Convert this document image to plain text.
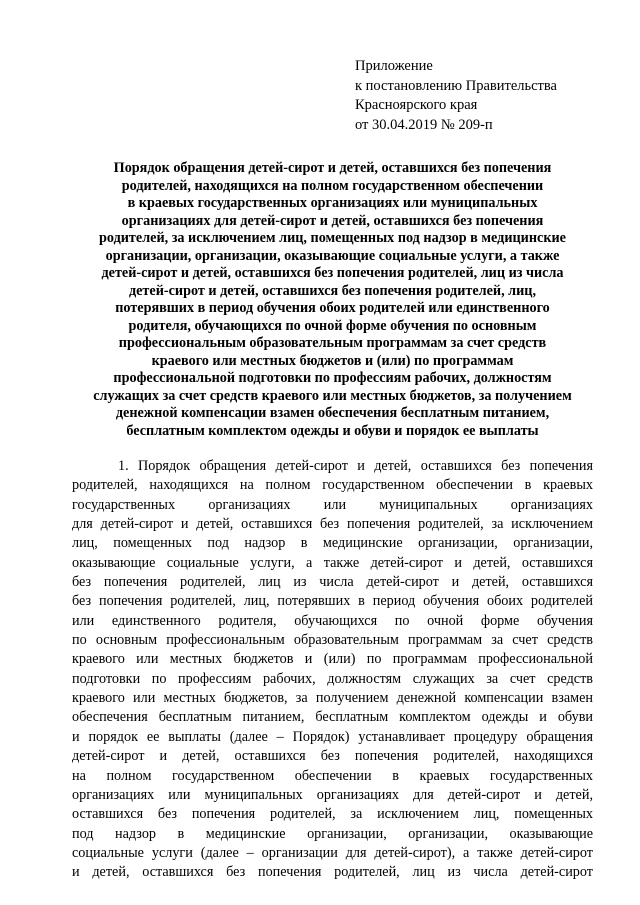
Приложение
к постановлению Правительства
Красноярского края
от 30.04.2019 № 209-п
Порядок обращения детей-сирот и детей, оставшихся без попечения
родителей, находящихся на полном государственном обеспечении
в краевых государственных организациях или муниципальных
организациях для детей-сирот и детей, оставшихся без попечения
родителей, за исключением лиц, помещенных под надзор в медицинские
организации, организации, оказывающие социальные услуги, а также
детей-сирот и детей, оставшихся без попечения родителей, лиц из числа
детей-сирот и детей, оставшихся без попечения родителей, лиц,
потерявших в период обучения обоих родителей или единственного
родителя, обучающихся по очной форме обучения по основным
профессиональным образовательным программам за счет средств
краевого или местных бюджетов и (или) по программам
профессиональной подготовки по профессиям рабочих, должностям
служащих за счет средств краевого или местных бюджетов, за получением
денежной компенсации взамен обеспечения бесплатным питанием,
бесплатным комплектом одежды и обуви и порядок ее выплаты
1. Порядок обращения детей-сирот и детей, оставшихся без попечения
родителей, находящихся на полном государственном обеспечении в краевых
государственных организациях или муниципальных организациях
для детей-сирот и детей, оставшихся без попечения родителей, за исключением
лиц, помещенных под надзор в медицинские организации, организации,
оказывающие социальные услуги, а также детей-сирот и детей, оставшихся
без попечения родителей, лиц из числа детей-сирот и детей, оставшихся
без попечения родителей, лиц, потерявших в период обучения обоих родителей
или единственного родителя, обучающихся по очной форме обучения
по основным профессиональным образовательным программам за счет средств
краевого или местных бюджетов и (или) по программам профессиональной
подготовки по профессиям рабочих, должностям служащих за счет средств
краевого или местных бюджетов, за получением денежной компенсации взамен
обеспечения бесплатным питанием, бесплатным комплектом одежды и обуви
и порядок ее выплаты (далее – Порядок) устанавливает процедуру обращения
детей-сирот и детей, оставшихся без попечения родителей, находящихся
на полном государственном обеспечении в краевых государственных
организациях или муниципальных организациях для детей-сирот и детей,
оставшихся без попечения родителей, за исключением лиц, помещенных
под надзор в медицинские организации, организации, оказывающие
социальные услуги (далее – организации для детей-сирот), а также детей-сирот
и детей, оставшихся без попечения родителей, лиц из числа детей-сирот
